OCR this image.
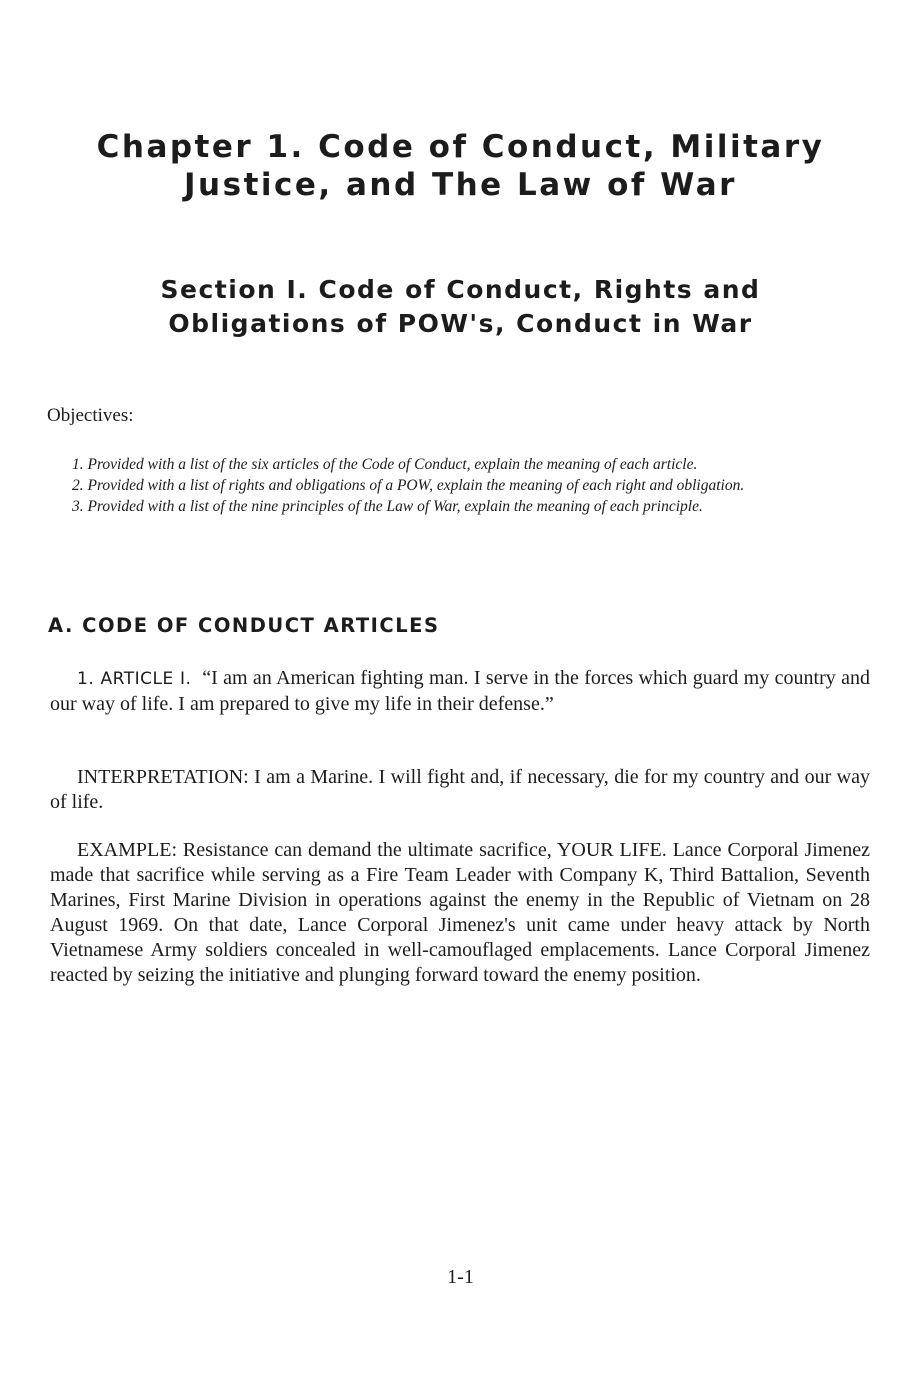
Chapter 1. Code of Conduct, Military
Justice, and The Law of War
Section I. Code of Conduct, Rights and
Obligations of POW's, Conduct in War

Objectives:

1. Provided with a list of the six articles of the Code of Conduct, explain the meaning of each article.

2. Provided with a list of rights and obligations of a POW, explain the meaning of each right and obligation.

3. Provided with a list of the nine principles of the Law of War, explain the meaning of each principle.

A. CODE OF CONDUCT ARTICLES

1. ARTICLE I. “I am an American fighting man. I serve in the forces which guard my country and our way of life. I am prepared to give my life in their defense.”

INTERPRETATION: I am a Marine. I will fight and, if necessary, die for my country and our way of life.

EXAMPLE: Resistance can demand the ultimate sacrifice, YOUR LIFE. Lance Corporal Jimenez made that sacrifice while serving as a Fire Team Leader with Company K, Third Battalion, Seventh Marines, First Marine Division in operations against the enemy in the Republic of Vietnam on 28 August 1969. On that date, Lance Corporal Jimenez's unit came under heavy attack by North Vietnamese Army soldiers concealed in well-camouflaged emplacements. Lance Corporal Jimenez reacted by seizing the initiative and plunging forward toward the enemy position.

1-1
